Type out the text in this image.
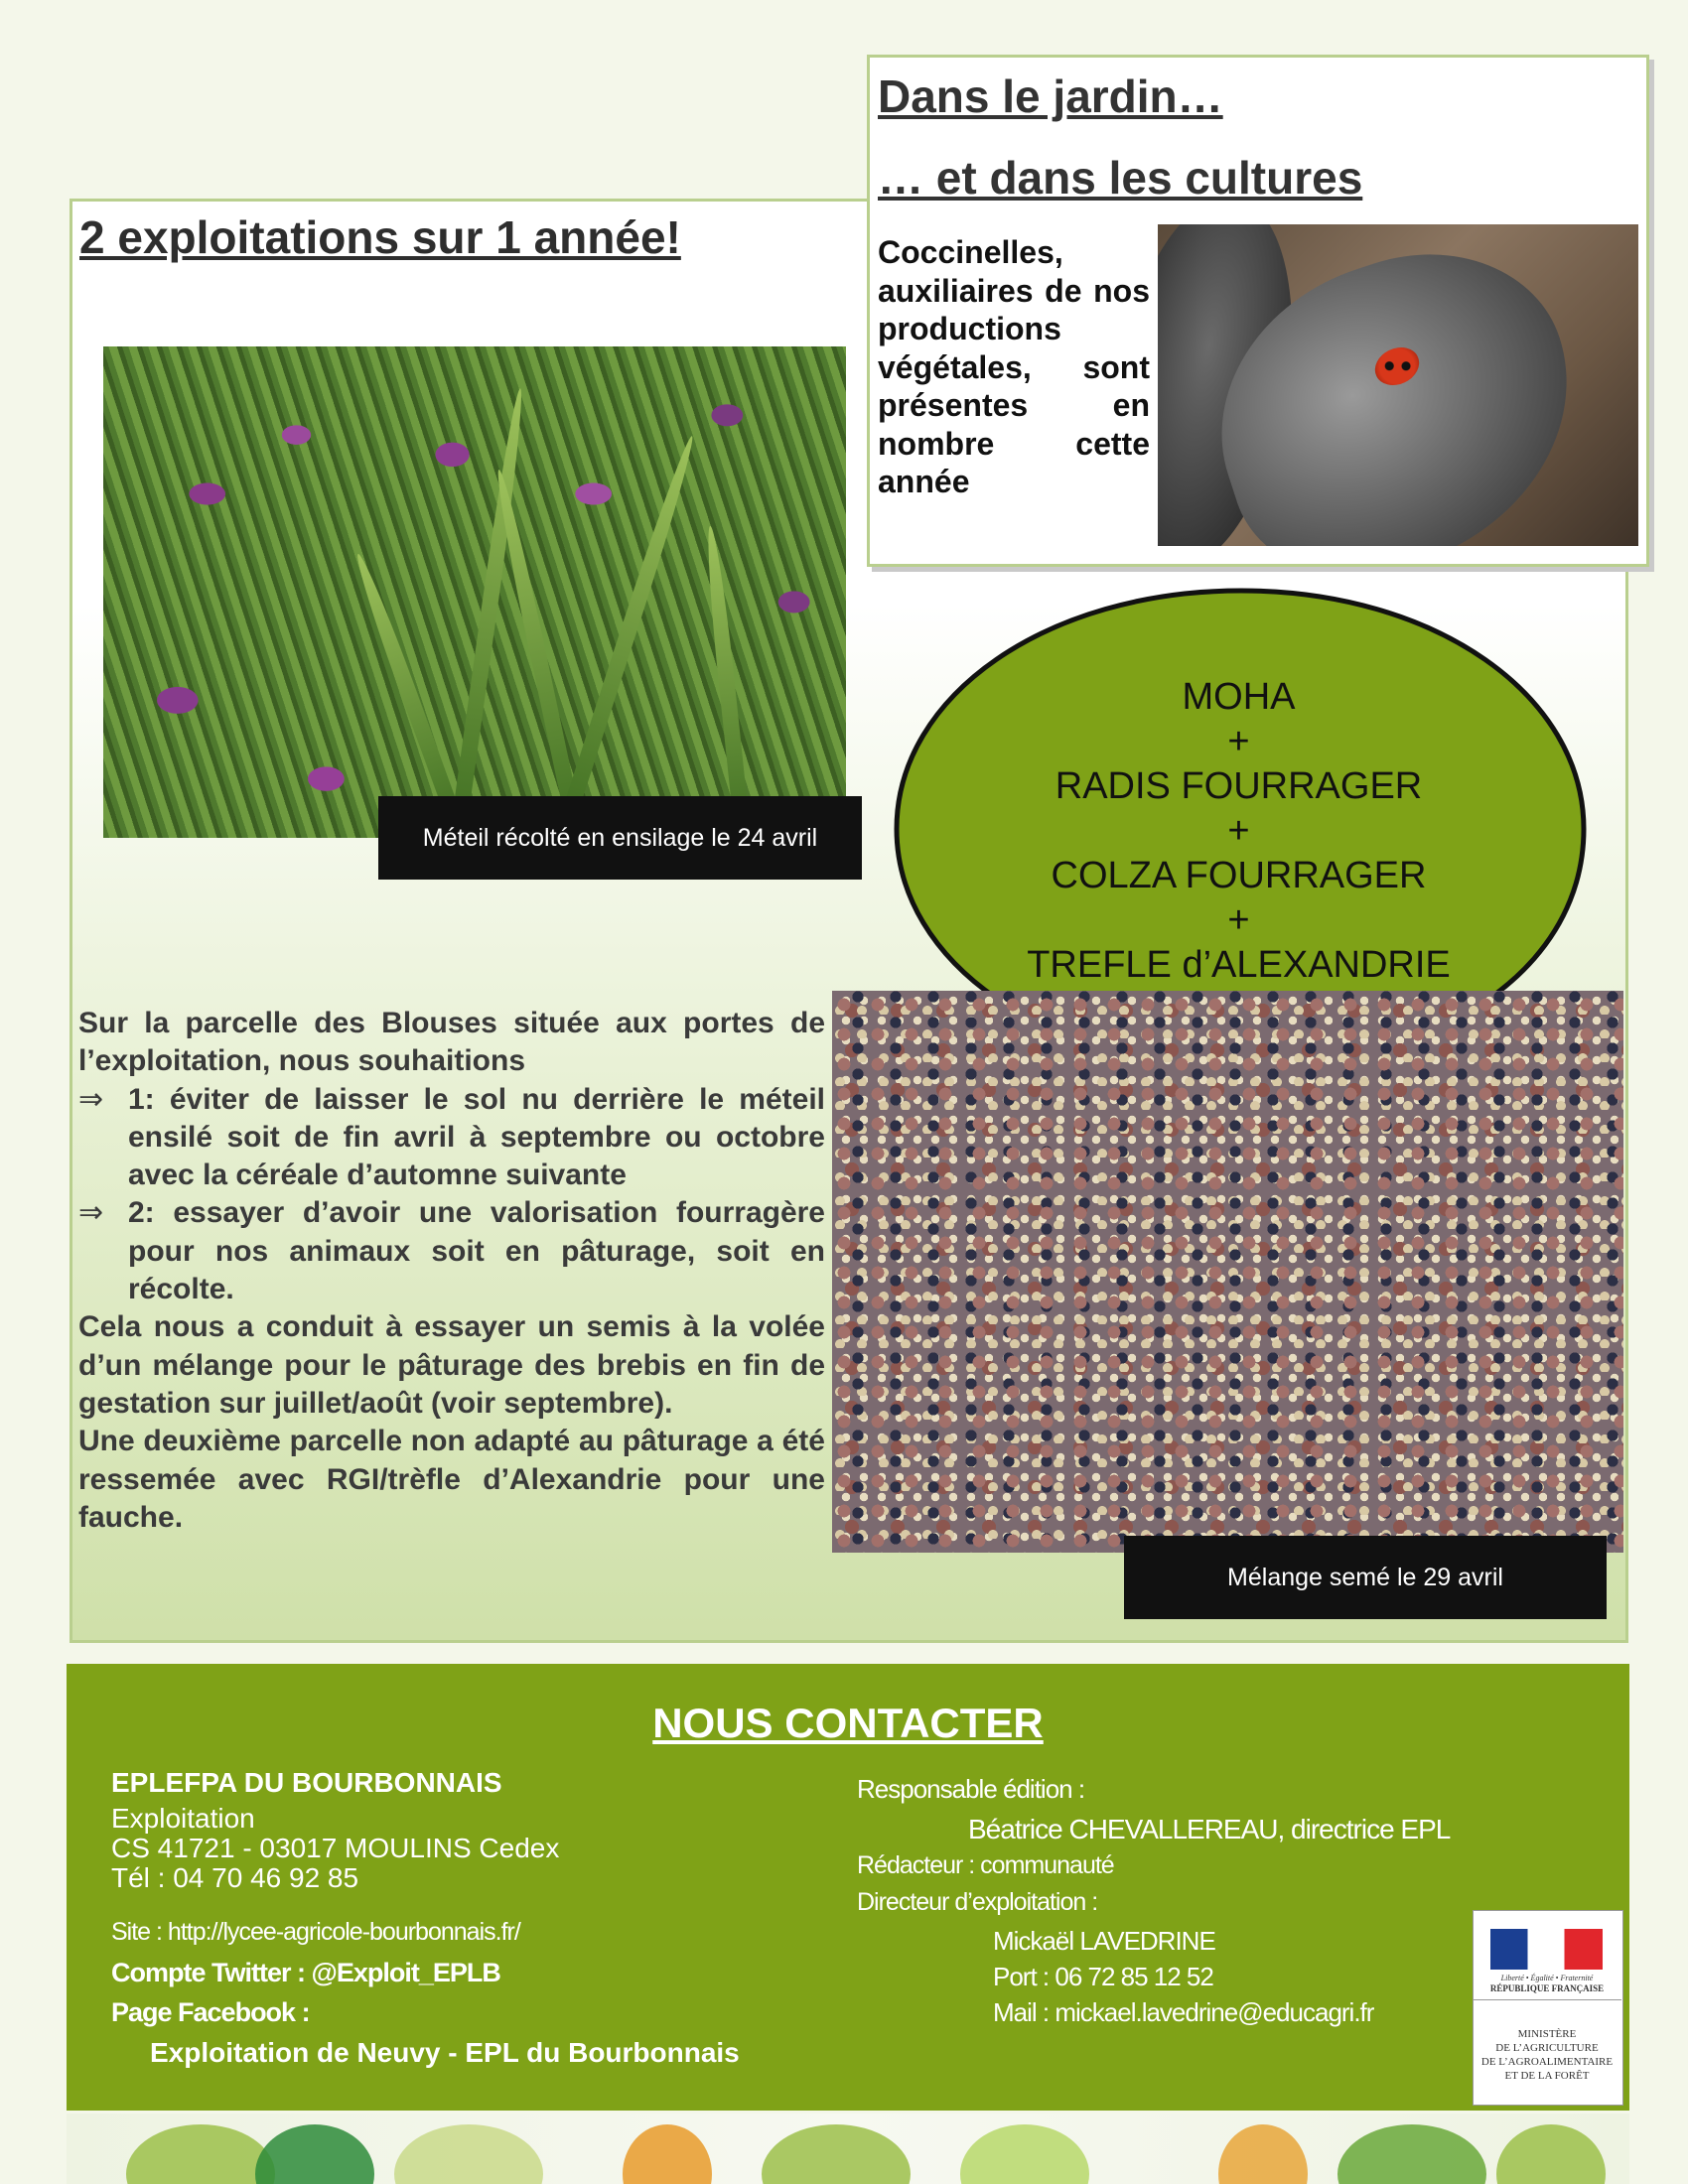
2 exploitations sur 1 année!
Méteil récolté en ensilage le 24 avril
Dans le jardin…
… et dans les cultures
Coccinelles, auxiliaires de nos productions végétales, sont présentes en nombre cette année
MOHA
+
RADIS FOURRAGER
+
COLZA FOURRAGER
+
TREFLE d’ALEXANDRIE
Mélange semé le 29 avril

Sur la parcelle des Blouses située aux portes de l’exploitation, nous souhaitions

⇒ 1: éviter de laisser le sol nu derrière le méteil ensilé soit de fin avril à septembre ou octobre avec la céréale d’automne suivante
⇒ 2: essayer d’avoir une valorisation fourragère pour nos animaux soit en pâturage, soit en récolte.

Cela nous a conduit à essayer un semis à la volée d’un mélange pour le pâturage des brebis en fin de gestation sur juillet/août (voir septembre).

Une deuxième parcelle non adapté au pâturage a été ressemée avec RGI/trèfle d’Alexandrie pour une fauche.

NOUS CONTACTER
EPLEFPA DU BOURBONNAIS
Exploitation
CS 41721 - 03017 MOULINS Cedex
Tél : 04 70 46 92 85
Site : http://lycee-agricole-bourbonnais.fr/
Compte Twitter : @Exploit_EPLB
Page Facebook :
Exploitation de Neuvy - EPL du Bourbonnais
Responsable édition :
Béatrice CHEVALLEREAU, directrice EPL
Rédacteur : communauté
Directeur d’exploitation :
Mickaël LAVEDRINE
Port : 06 72 85 12 52
Mail : mickael.lavedrine@educagri.fr
Liberté • Égalité • Fraternité
RÉPUBLIQUE FRANÇAISE
MINISTÈRE
DE L’AGRICULTURE
DE L’AGROALIMENTAIRE
ET DE LA FORÊT
